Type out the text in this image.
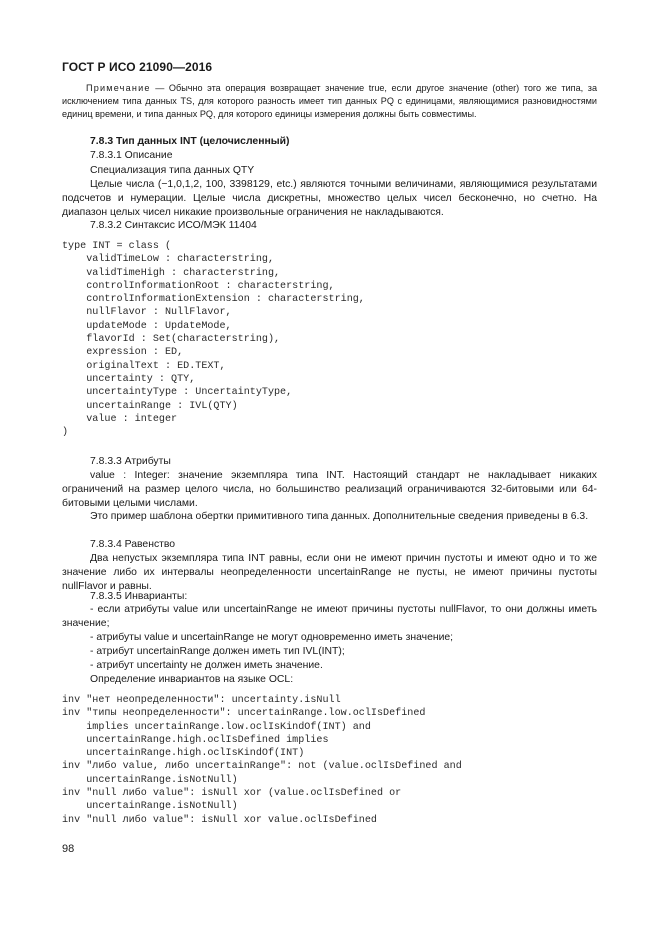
ГОСТ Р ИСО 21090—2016

Примечание — Обычно эта операция возвращает значение true, если другое значение (other) того же типа, за исключением типа данных TS, для которого разность имеет тип данных PQ с единицами, являющимися разновидностями единиц времени, и типа данных PQ, для которого единицы измерения должны быть совместимы.

7.8.3 Тип данных INT (целочисленный)

7.8.3.1 Описание

Специализация типа данных QTY

Целые числа (−1,0,1,2, 100, 3398129, etc.) являются точными величинами, являющимися результатами подсчетов и нумерации. Целые числа дискретны, множество целых чисел бесконечно, но счетно. На диапазон целых чисел никакие произвольные ограничения не накладываются.

7.8.3.2 Синтаксис ИСО/МЭК 11404

type INT = class (
validTimeLow : characterstring,
validTimeHigh : characterstring,
controlInformationRoot : characterstring,
controlInformationExtension : characterstring,
nullFlavor : NullFlavor,
updateMode : UpdateMode,
flavorId : Set(characterstring),
expression : ED,
originalText : ED.TEXT,
uncertainty : QTY,
uncertaintyType : UncertaintyType,
uncertainRange : IVL(QTY)
value : integer
)

7.8.3.3 Атрибуты

value : Integer: значение экземпляра типа INT. Настоящий стандарт не накладывает никаких ограничений на размер целого числа, но большинство реализаций ограничиваются 32-битовыми или 64-битовыми целыми числами.

Это пример шаблона обертки примитивного типа данных. Дополнительные сведения приведены в 6.3.

7.8.3.4 Равенство

Два непустых экземпляра типа INT равны, если они не имеют причин пустоты и имеют одно и то же значение либо их интервалы неопределенности uncertainRange не пусты, не имеют причины пустоты nullFlavor и равны.

7.8.3.5 Инварианты:

- если атрибуты value или uncertainRange не имеют причины пустоты nullFlavor, то они должны иметь значение;

- атрибуты value и uncertainRange не могут одновременно иметь значение;

- атрибут uncertainRange должен иметь тип IVL(INT);

- атрибут uncertainty не должен иметь значение.

Определение инвариантов на языке OCL:

inv "нет неопределенности": uncertainty.isNull
inv "типы неопределенности": uncertainRange.low.oclIsDefined
implies uncertainRange.low.oclIsKindOf(INT) and
uncertainRange.high.oclIsDefined implies
uncertainRange.high.oclIsKindOf(INT)
inv "либо value, либо uncertainRange": not (value.oclIsDefined and
uncertainRange.isNotNull)
inv "null либо value": isNull xor (value.oclIsDefined or
uncertainRange.isNotNull)
inv "null либо value": isNull xor value.oclIsDefined
98
